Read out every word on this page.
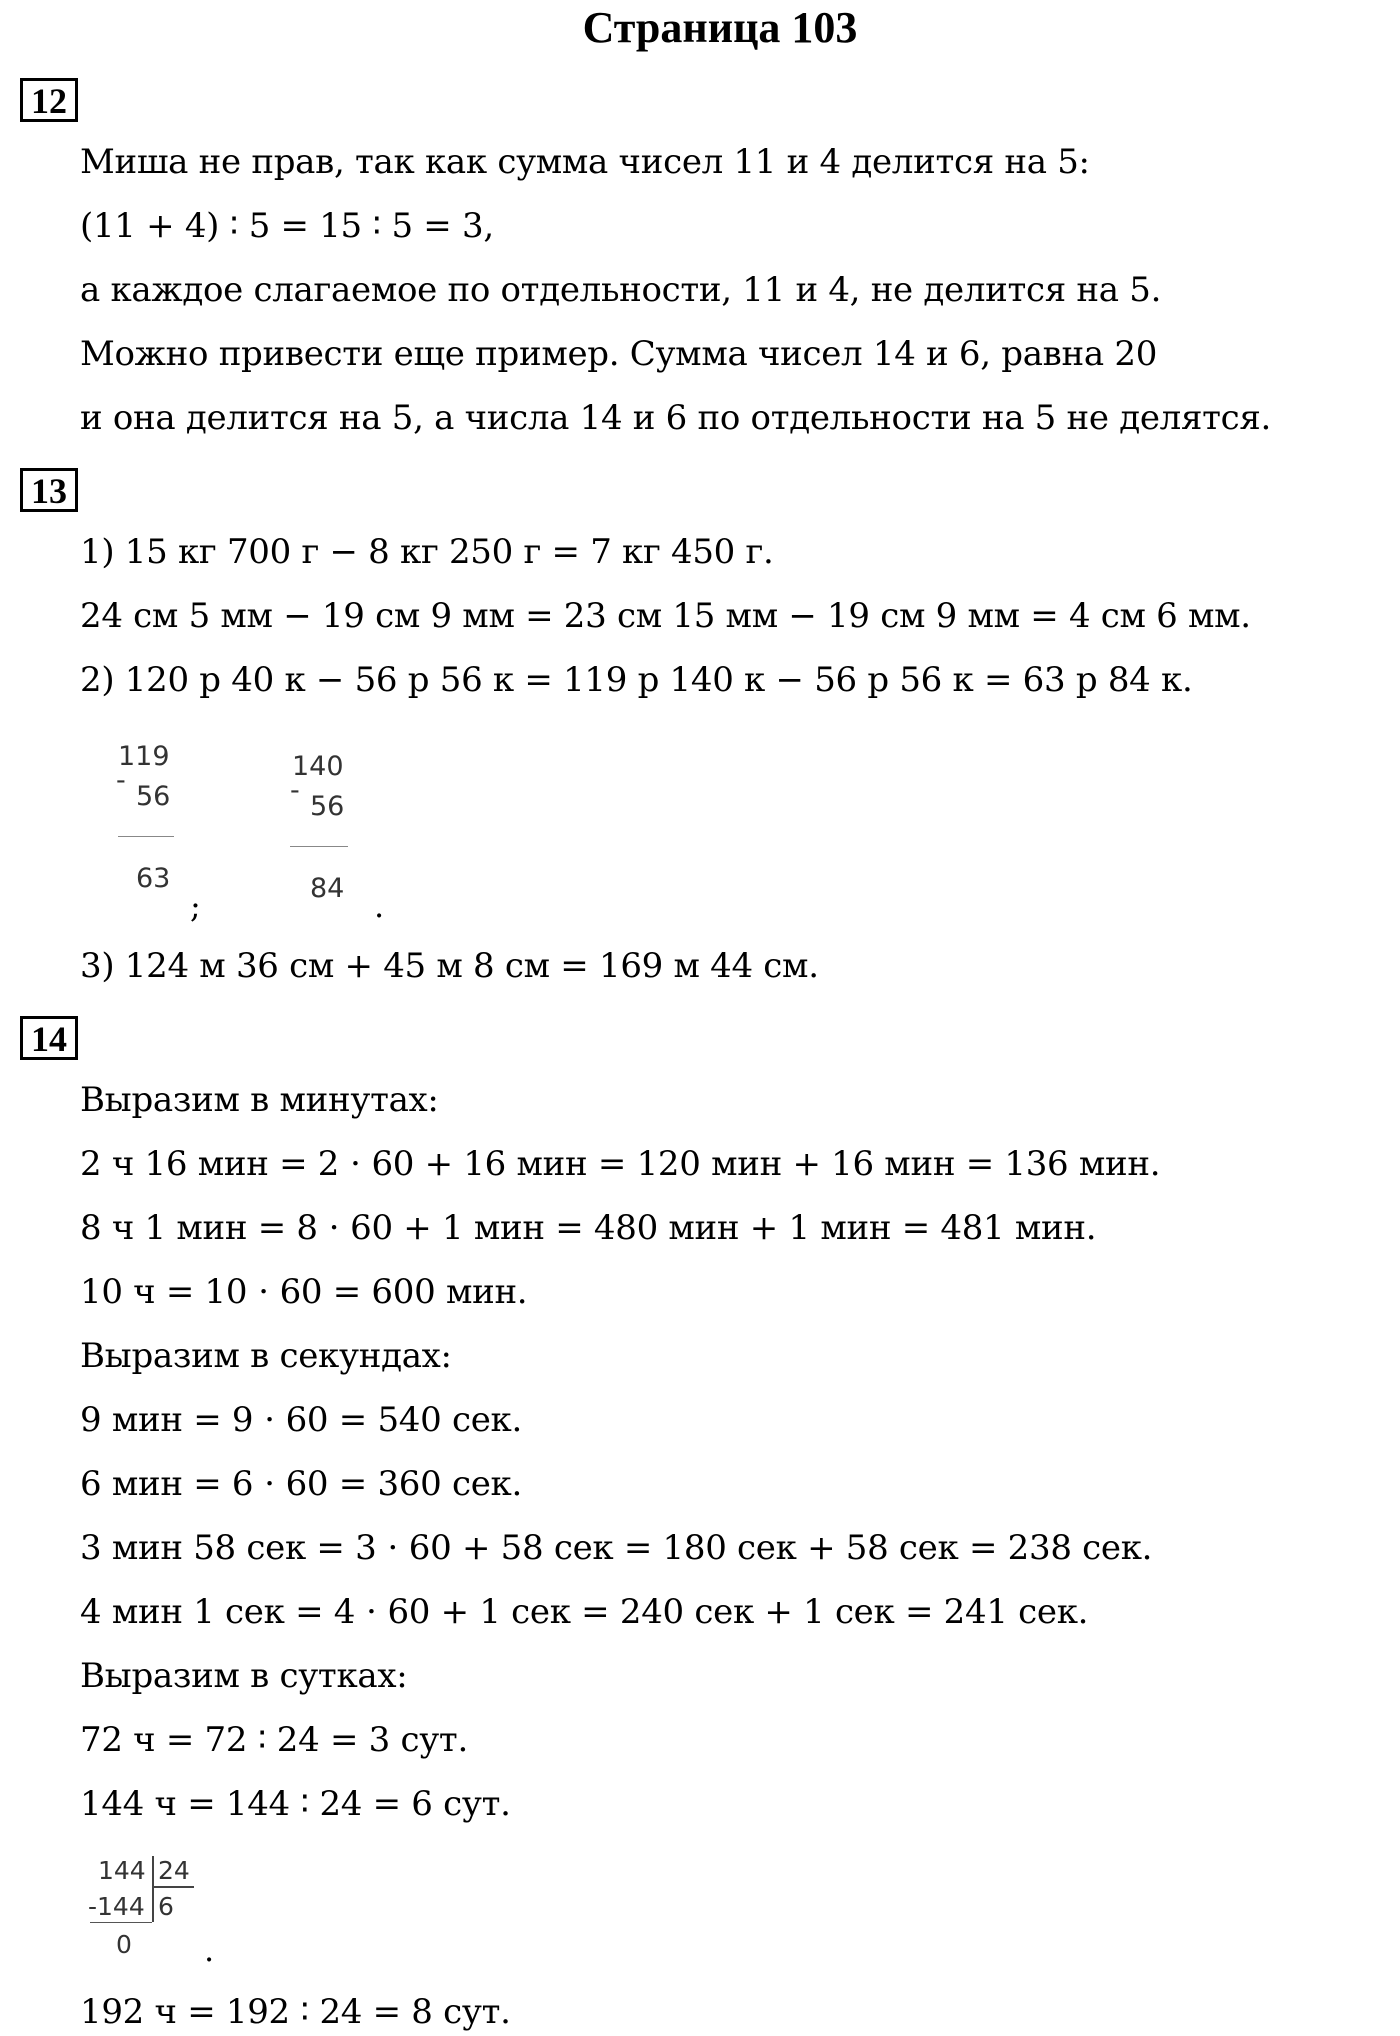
Страница 103
12
Миша не прав, так как сумма чисел 11 и 4 делится на 5:
(11 + 4) ∶ 5 = 15 ∶ 5 = 3,
а каждое слагаемое по отдельности, 11 и 4, не делится на 5.
Можно привести еще пример. Сумма чисел 14 и 6, равна 20
и она делится на 5, а числа 14 и 6 по отдельности на 5 не делятся.
13
1) 15 кг 700 г − 8 кг 250 г = 7 кг 450 г.
24 см 5 мм − 19 см 9 мм = 23 см 15 мм − 19 см 9 мм = 4 см 6 мм.
2) 120 р 40 к − 56 р 56 к = 119 р 140 к − 56 р 56 к = 63 р 84 к.
119
-
56
63
;
140
-
56
84 .
3) 124 м 36 см + 45 м 8 см = 169 м 44 см.
14
Выразим в минутах:
2 ч 16 мин = 2 ⋅ 60 + 16 мин = 120 мин + 16 мин = 136 мин.
8 ч 1 мин = 8 ⋅ 60 + 1 мин = 480 мин + 1 мин = 481 мин.
10 ч = 10 ⋅ 60 = 600 мин.
Выразим в секундах:
9 мин = 9 ⋅ 60 = 540 сек.
6 мин = 6 ⋅ 60 = 360 сек.
3 мин 58 сек = 3 ⋅ 60 + 58 сек = 180 сек + 58 сек = 238 сек.
4 мин 1 сек = 4 ⋅ 60 + 1 сек = 240 сек + 1 сек = 241 сек.
Выразим в сутках:
72 ч = 72 ∶ 24 = 3 сут.
144 ч = 144 ∶ 24 = 6 сут.
144 24
-144 6
0 .
192 ч = 192 ∶ 24 = 8 сут.
